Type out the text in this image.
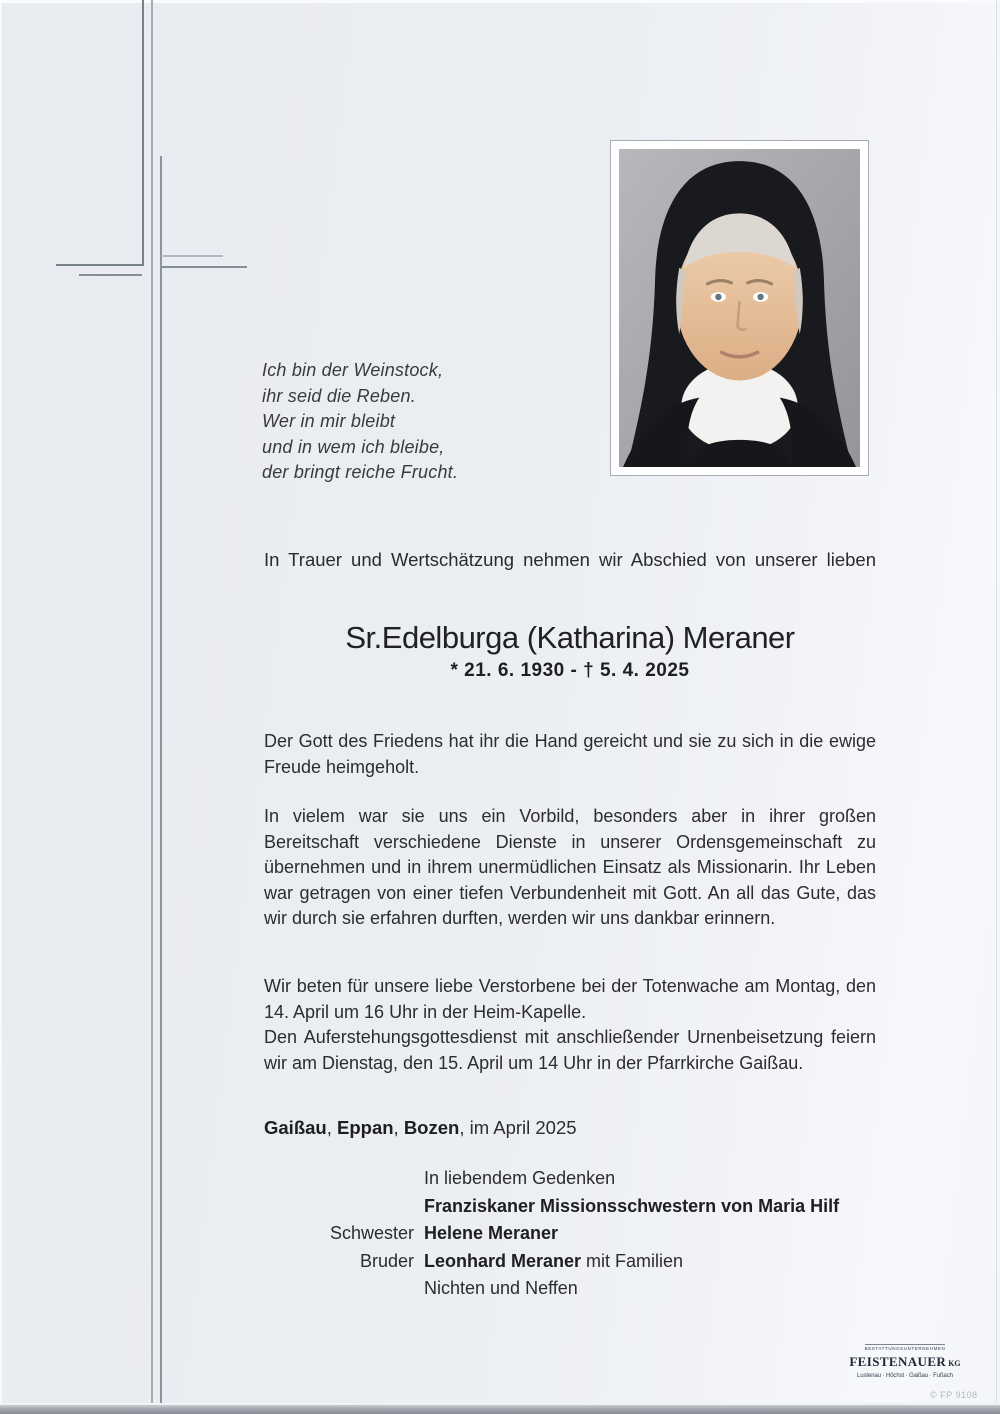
Ich bin der Weinstock,
ihr seid die Reben.
Wer in mir bleibt
und in wem ich bleibe,
der bringt reiche Frucht.
In Trauer und Wertschätzung nehmen wir Abschied von unserer lieben
Sr.Edelburga (Katharina) Meraner
* 21. 6. 1930 - † 5. 4. 2025

Der Gott des Friedens hat ihr die Hand gereicht und sie zu sich in die ewige Freude heimgeholt.

In vielem war sie uns ein Vorbild, besonders aber in ihrer großen Bereitschaft verschiedene Dienste in unserer Ordensgemeinschaft zu übernehmen und in ihrem unermüdlichen Einsatz als Missionarin. Ihr Leben war getragen von einer tiefen Verbundenheit mit Gott. An all das Gute, das wir durch sie erfahren durften, werden wir uns dankbar erinnern.

Wir beten für unsere liebe Verstorbene bei der Totenwache am Montag, den 14. April um 16 Uhr in der Heim-Kapelle.

Den Auferstehungsgottesdienst mit anschließender Urnenbeisetzung feiern wir am Dienstag, den 15. April um 14 Uhr in der Pfarrkirche Gaißau.

Gaißau, Eppan, Bozen, im April 2025
In liebendem Gedenken
Franziskaner Missionsschwestern von Maria Hilf
Schwester Helene Meraner
Bruder Leonhard Meraner mit Familien
Nichten und Neffen
BESTATTUNGSUNTERNEHMEN
FEISTENAUER KG
Lustenau · Höchst · Gaißau · Fußach
© FP 9108
